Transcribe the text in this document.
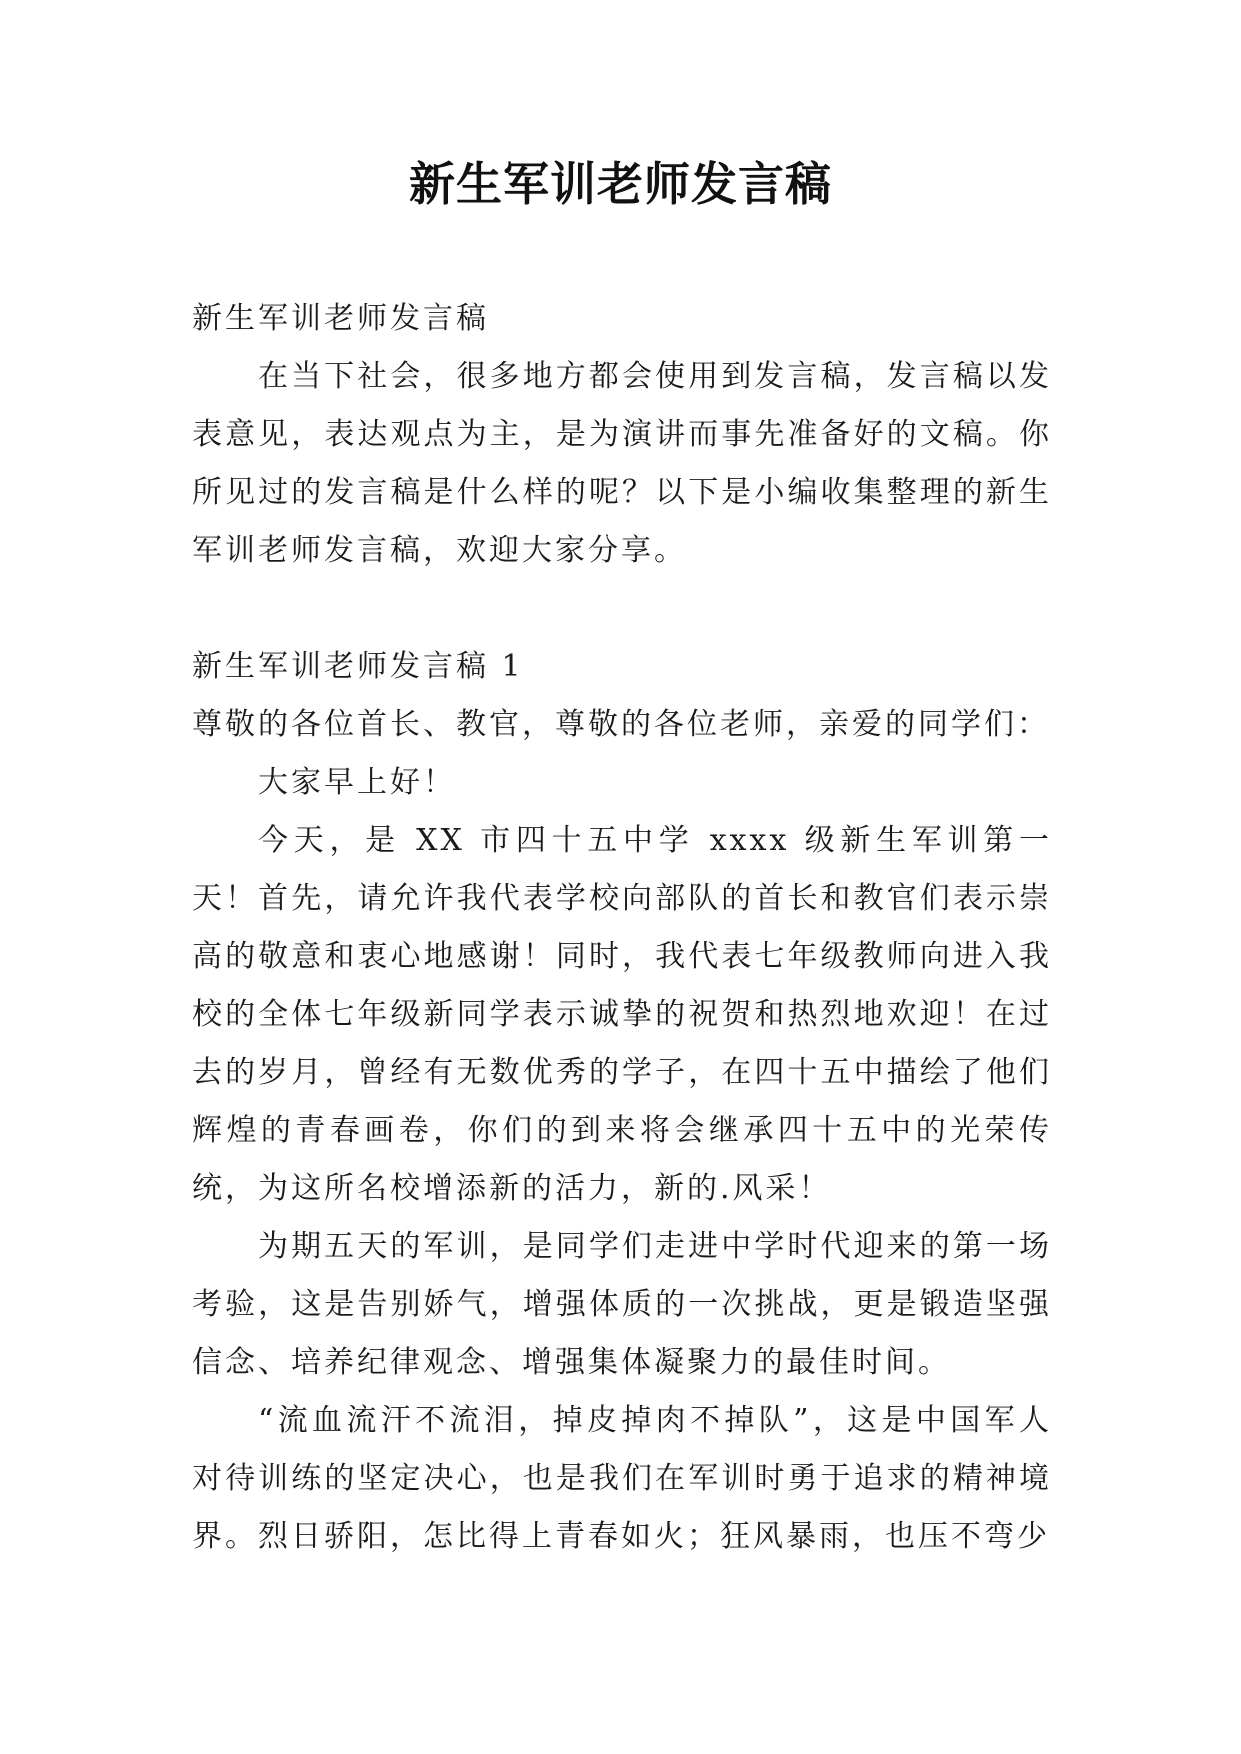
新生军训老师发言稿

新生军训老师发言稿

在当下社会，很多地方都会使用到发言稿，发言稿以发表意见，表达观点为主，是为演讲而事先准备好的文稿。你所见过的发言稿是什么样的呢？以下是小编收集整理的新生军训老师发言稿，欢迎大家分享。

新生军训老师发言稿 1

尊敬的各位首长、教官，尊敬的各位老师，亲爱的同学们：

大家早上好！

今天，是 XX 市四十五中学 xxxx 级新生军训第一天！首先，请允许我代表学校向部队的首长和教官们表示崇高的敬意和衷心地感谢！同时，我代表七年级教师向进入我校的全体七年级新同学表示诚挚的祝贺和热烈地欢迎！在过去的岁月，曾经有无数优秀的学子，在四十五中描绘了他们辉煌的青春画卷，你们的到来将会继承四十五中的光荣传统，为这所名校增添新的活力，新的.风采！

为期五天的军训，是同学们走进中学时代迎来的第一场考验，这是告别娇气，增强体质的一次挑战，更是锻造坚强信念、培养纪律观念、增强集体凝聚力的最佳时间。

“流血流汗不流泪，掉皮掉肉不掉队”，这是中国军人对待训练的坚定决心，也是我们在军训时勇于追求的精神境界。烈日骄阳，怎比得上青春如火；狂风暴雨，也压不弯少
